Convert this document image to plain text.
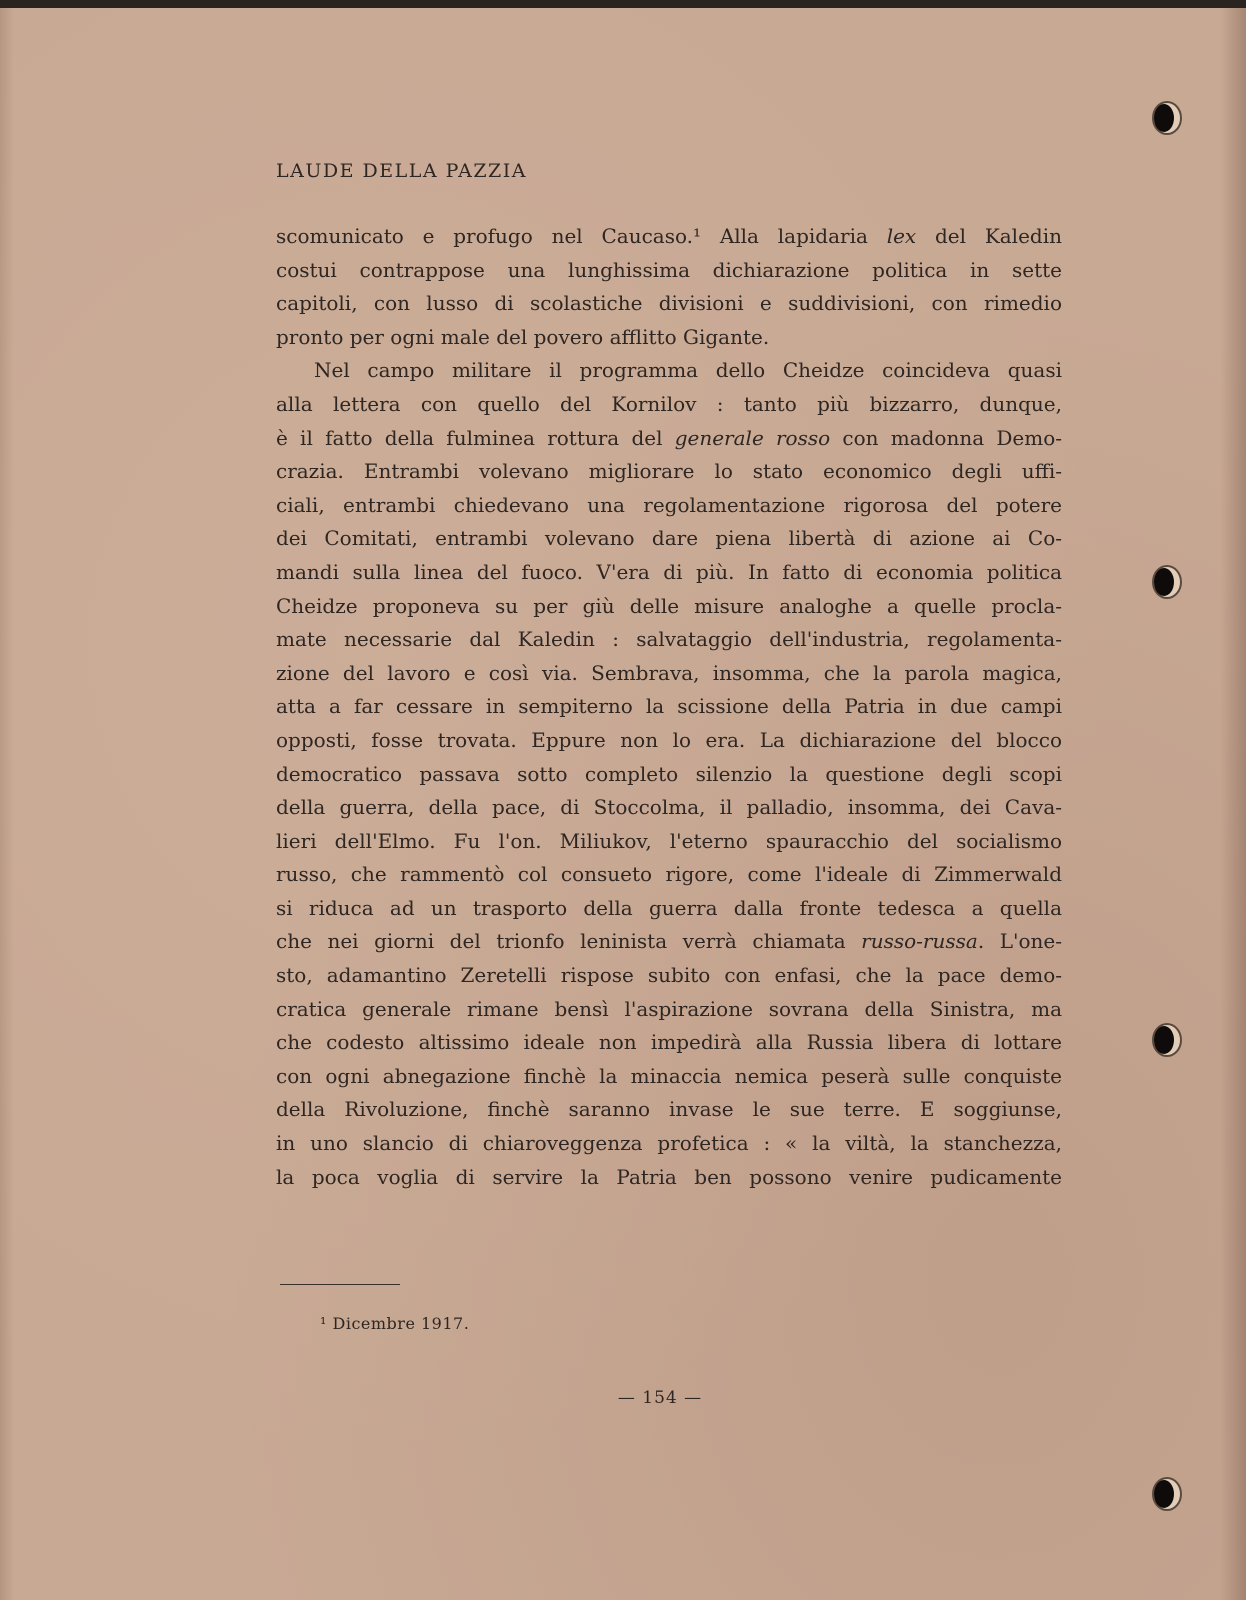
LAUDE DELLA PAZZIA
scomunicato e profugo nel Caucaso.¹ Alla lapidaria lex del Kaledin
costui contrappose una lunghissima dichiarazione politica in sette
capitoli, con lusso di scolastiche divisioni e suddivisioni, con rimedio
pronto per ogni male del povero afflitto Gigante.
Nel campo militare il programma dello Cheidze coincideva quasi
alla lettera con quello del Kornilov : tanto più bizzarro, dunque,
è il fatto della fulminea rottura del generale rosso con madonna Demo-
crazia. Entrambi volevano migliorare lo stato economico degli uffi-
ciali, entrambi chiedevano una regolamentazione rigorosa del potere
dei Comitati, entrambi volevano dare piena libertà di azione ai Co-
mandi sulla linea del fuoco. V'era di più. In fatto di economia politica
Cheidze proponeva su per giù delle misure analoghe a quelle procla-
mate necessarie dal Kaledin : salvataggio dell'industria, regolamenta-
zione del lavoro e così via. Sembrava, insomma, che la parola magica,
atta a far cessare in sempiterno la scissione della Patria in due campi
opposti, fosse trovata. Eppure non lo era. La dichiarazione del blocco
democratico passava sotto completo silenzio la questione degli scopi
della guerra, della pace, di Stoccolma, il palladio, insomma, dei Cava-
lieri dell'Elmo. Fu l'on. Miliukov, l'eterno spauracchio del socialismo
russo, che rammentò col consueto rigore, come l'ideale di Zimmerwald
si riduca ad un trasporto della guerra dalla fronte tedesca a quella
che nei giorni del trionfo leninista verrà chiamata russo-russa. L'one-
sto, adamantino Zeretelli rispose subito con enfasi, che la pace demo-
cratica generale rimane bensì l'aspirazione sovrana della Sinistra, ma
che codesto altissimo ideale non impedirà alla Russia libera di lottare
con ogni abnegazione finchè la minaccia nemica peserà sulle conquiste
della Rivoluzione, finchè saranno invase le sue terre. E soggiunse,
in uno slancio di chiaroveggenza profetica : « la viltà, la stanchezza,
la poca voglia di servire la Patria ben possono venire pudicamente
¹ Dicembre 1917.
— 154 —
